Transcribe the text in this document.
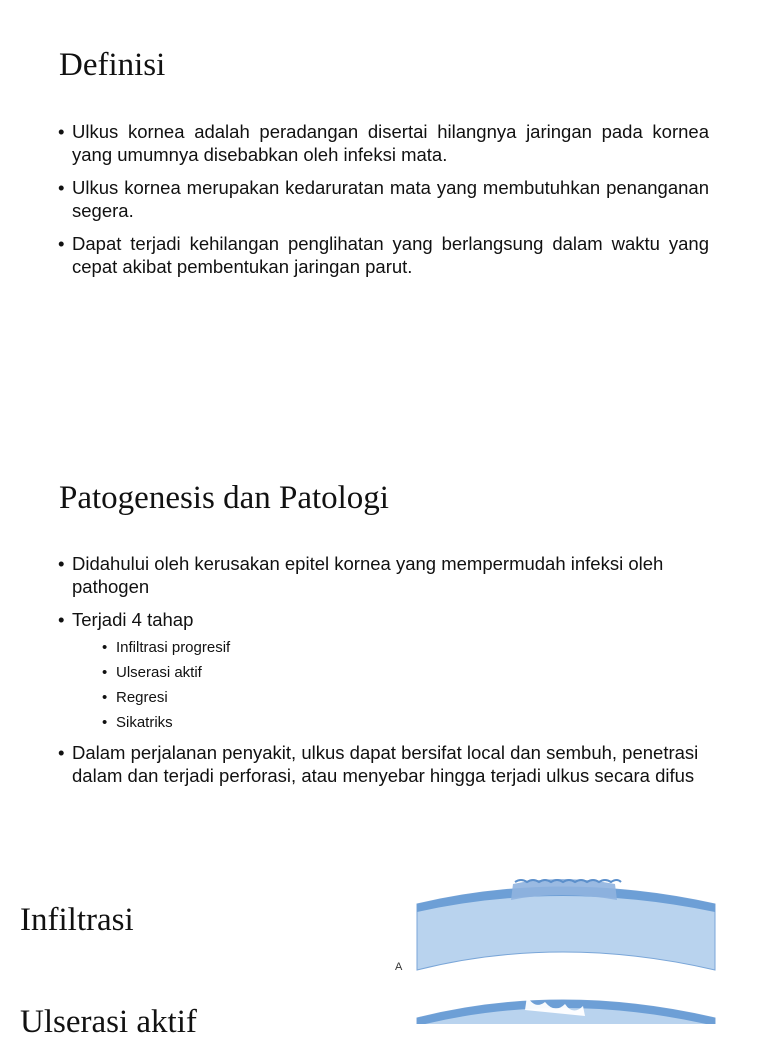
Definisi
• Ulkus kornea adalah peradangan disertai hilangnya jaringan pada kornea yang umumnya disebabkan oleh infeksi mata.
• Ulkus kornea merupakan kedaruratan mata yang membutuhkan penanganan segera.
• Dapat terjadi kehilangan penglihatan yang berlangsung dalam waktu yang cepat akibat pembentukan jaringan parut.
Patogenesis dan Patologi
• Didahului oleh kerusakan epitel kornea yang mempermudah infeksi oleh pathogen
• Terjadi 4 tahap
• Infiltrasi progresif
• Ulserasi aktif
• Regresi
• Sikatriks
• Dalam perjalanan penyakit, ulkus dapat bersifat local dan sembuh, penetrasi dalam dan terjadi perforasi, atau menyebar hingga terjadi ulkus secara difus
Infiltrasi
Ulserasi aktif
A
